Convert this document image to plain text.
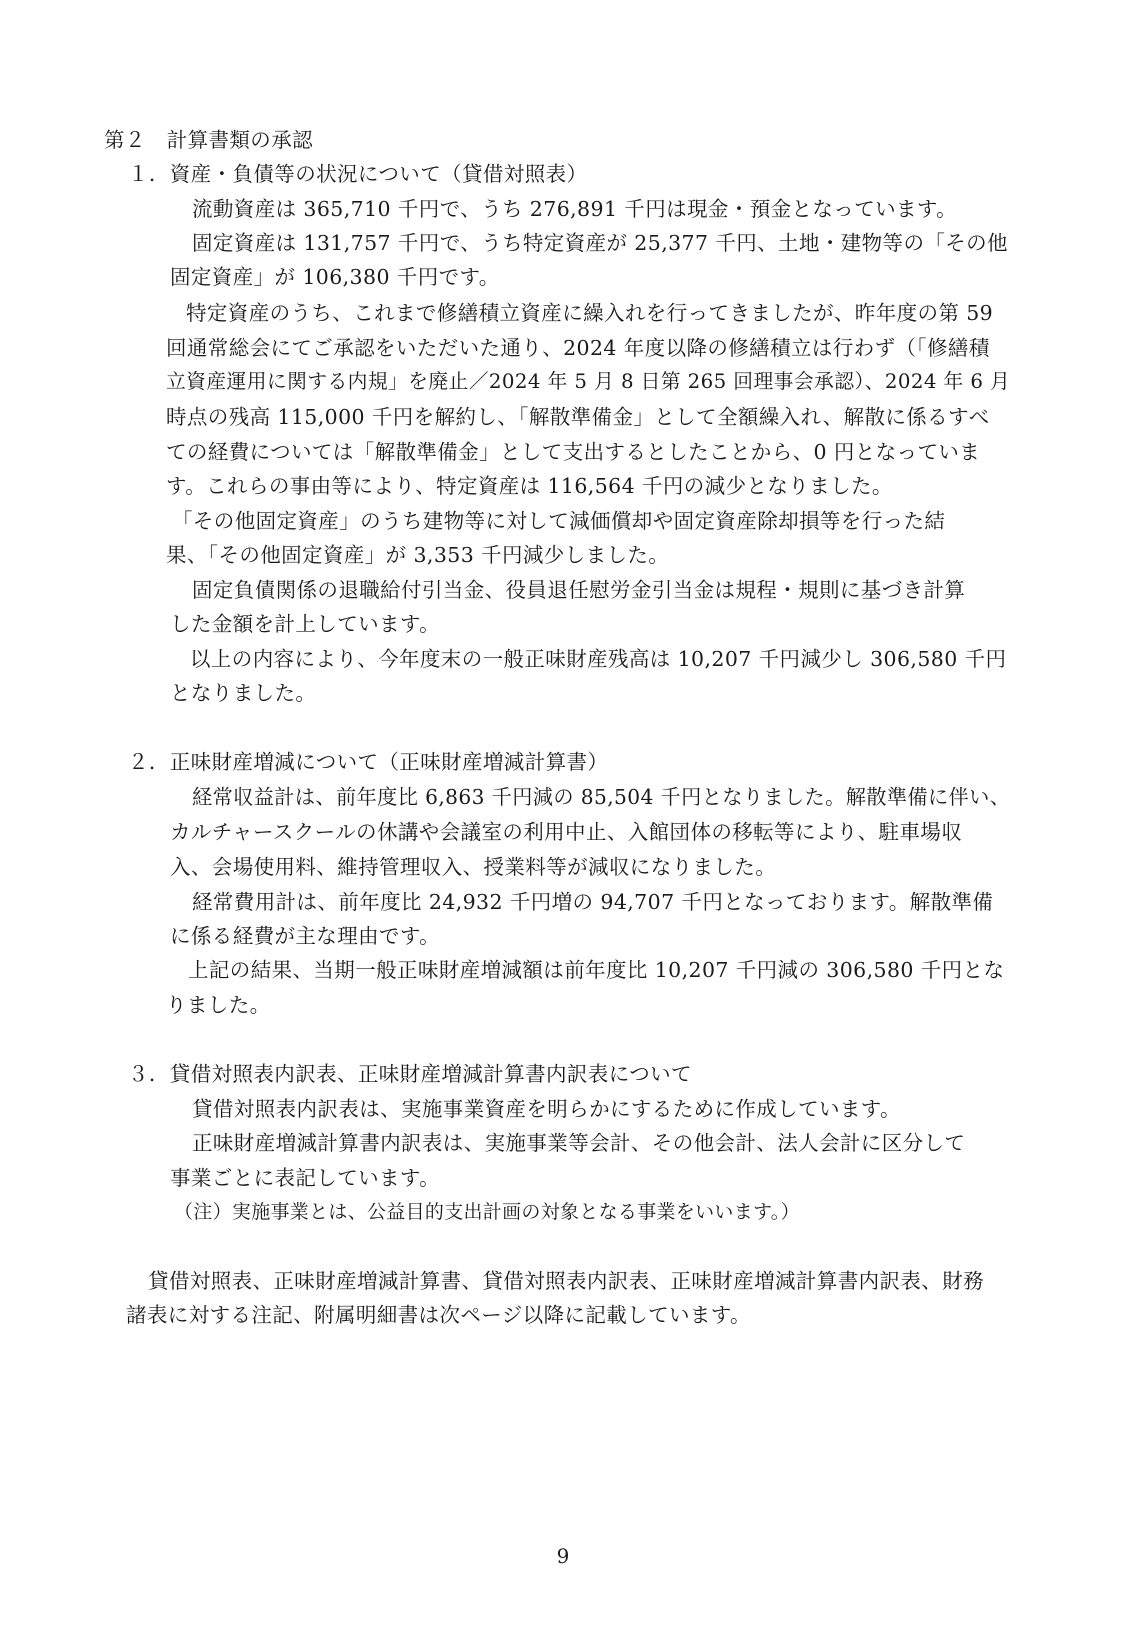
第２　計算書類の承認
１．資産・負債等の状況について（貸借対照表）
流動資産は 365,710 千円で、うち 276,891 千円は現金・預金となっています。
固定資産は 131,757 千円で、うち特定資産が 25,377 千円、土地・建物等の「その他
固定資産」が 106,380 千円です。
特定資産のうち、これまで修繕積立資産に繰入れを行ってきましたが、昨年度の第 59
回通常総会にてご承認をいただいた通り、2024 年度以降の修繕積立は行わず（「修繕積
立資産運用に関する内規」を廃止／2024 年 5 月 8 日第 265 回理事会承認）、2024 年 6 月
時点の残高 115,000 千円を解約し、「解散準備金」として全額繰入れ、解散に係るすべ
ての経費については「解散準備金」として支出するとしたことから、0 円となっていま
す。これらの事由等により、特定資産は 116,564 千円の減少となりました。
「その他固定資産」のうち建物等に対して減価償却や固定資産除却損等を行った結
果、「その他固定資産」が 3,353 千円減少しました。
固定負債関係の退職給付引当金、役員退任慰労金引当金は規程・規則に基づき計算
した金額を計上しています。
以上の内容により、今年度末の一般正味財産残高は 10,207 千円減少し 306,580 千円
となりました。
２．正味財産増減について（正味財産増減計算書）
経常収益計は、前年度比 6,863 千円減の 85,504 千円となりました。解散準備に伴い、
カルチャースクールの休講や会議室の利用中止、入館団体の移転等により、駐車場収
入、会場使用料、維持管理収入、授業料等が減収になりました。
経常費用計は、前年度比 24,932 千円増の 94,707 千円となっております。解散準備
に係る経費が主な理由です。
上記の結果、当期一般正味財産増減額は前年度比 10,207 千円減の 306,580 千円とな
りました。
３．貸借対照表内訳表、正味財産増減計算書内訳表について
貸借対照表内訳表は、実施事業資産を明らかにするために作成しています。
正味財産増減計算書内訳表は、実施事業等会計、その他会計、法人会計に区分して
事業ごとに表記しています。
（注）実施事業とは、公益目的支出計画の対象となる事業をいいます。）
貸借対照表、正味財産増減計算書、貸借対照表内訳表、正味財産増減計算書内訳表、財務
諸表に対する注記、附属明細書は次ページ以降に記載しています。
9
